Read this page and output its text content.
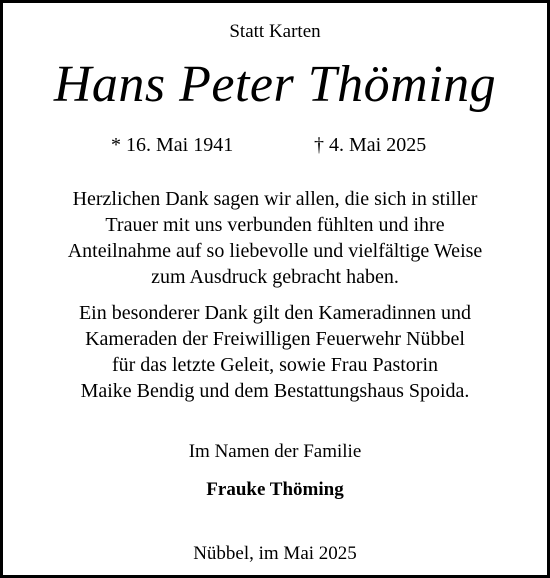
Statt Karten

Hans Peter Thöming

* 16. Mai 1941	† 4. Mai 2025
Herzlichen Dank sagen wir allen, die sich in stiller
Trauer mit uns verbunden fühlten und ihre
Anteilnahme auf so liebevolle und vielfältige Weise
zum Ausdruck gebracht haben.
Ein besonderer Dank gilt den Kameradinnen und
Kameraden der Freiwilligen Feuerwehr Nübbel
für das letzte Geleit, sowie Frau Pastorin
Maike Bendig und dem Bestattungshaus Spoida.

Im Namen der Familie

Frauke Thöming

Nübbel, im Mai 2025
